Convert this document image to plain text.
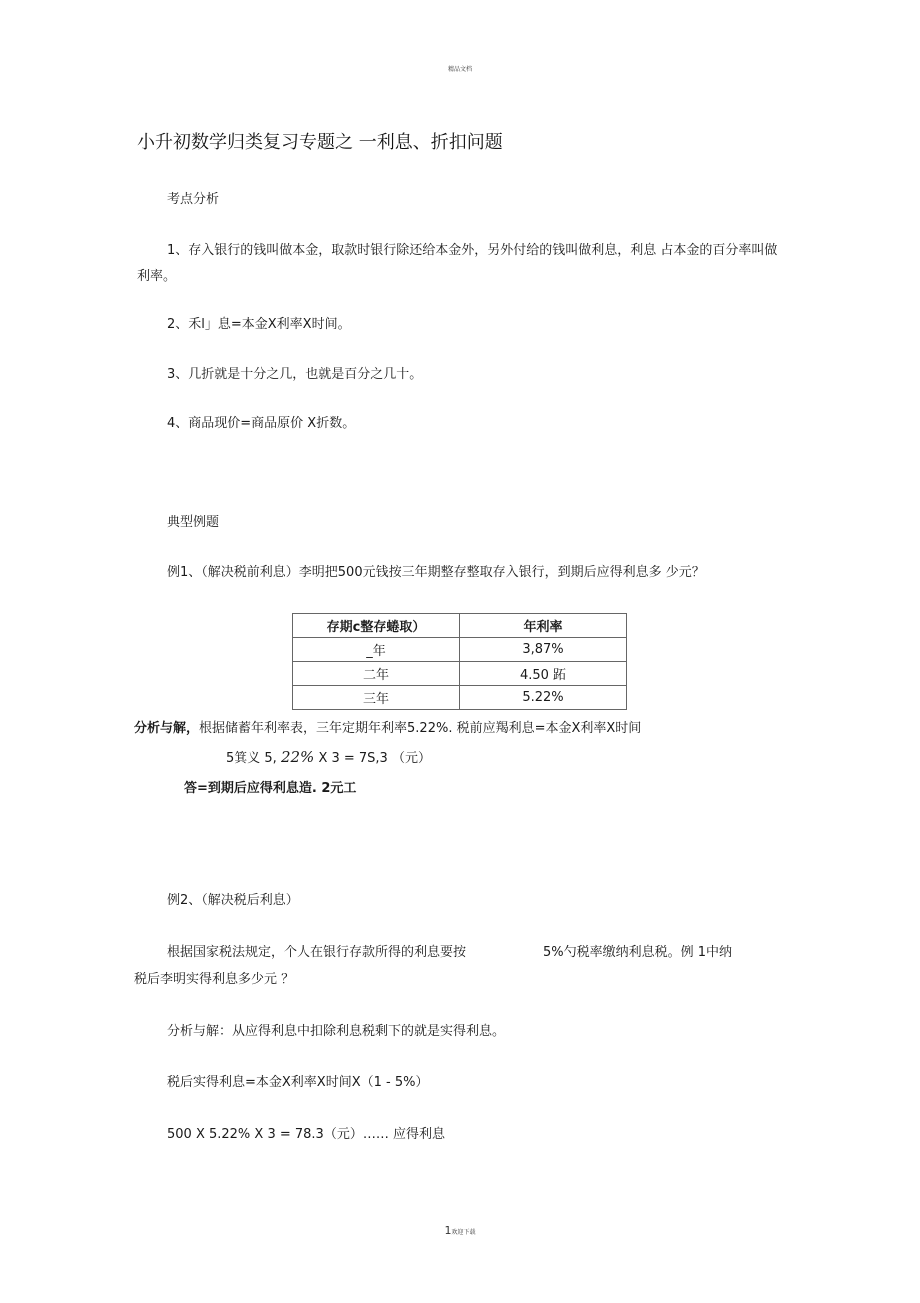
精品文档
小升初数学归类复习专题之 一利息、折扣问题
考点分析
1、存入银行的钱叫做本金，取款时银行除还给本金外，另外付给的钱叫做利息，利息 占本金的百分率叫做利率。
2、禾l」息=本金X利率X时间。
3、几折就是十分之几，也就是百分之几十。
4、商品现价=商品原价 X折数。
典型例题
例1、（解决税前利息）李明把500元钱按三年期整存整取存入银行，到期后应得利息多 少元？
存期c整存蜷取）	年利率
_年	3,87%
二年	4.50 跖
三年	5.22%
分析与解，根据储蓄年利率表，三年定期年利率5.22%. 税前应羯利息=本金X利率X时间
5箕义 5, 22% X 3 = 7S,3 （元）
答=到期后应得利息造. 2元工
例2、（解决税后利息）
根据国家税法规定，个人在银行存款所得的利息要按	5%勺税率缴纳利息税。例 1中纳
税后李明实得利息多少元 ？
分析与解：从应得利息中扣除利息税剩下的就是实得利息。
税后实得利息=本金X利率X时间X（1 - 5%）
500 X 5.22% X 3 = 78.3（元）…… 应得利息
1欢迎下载
